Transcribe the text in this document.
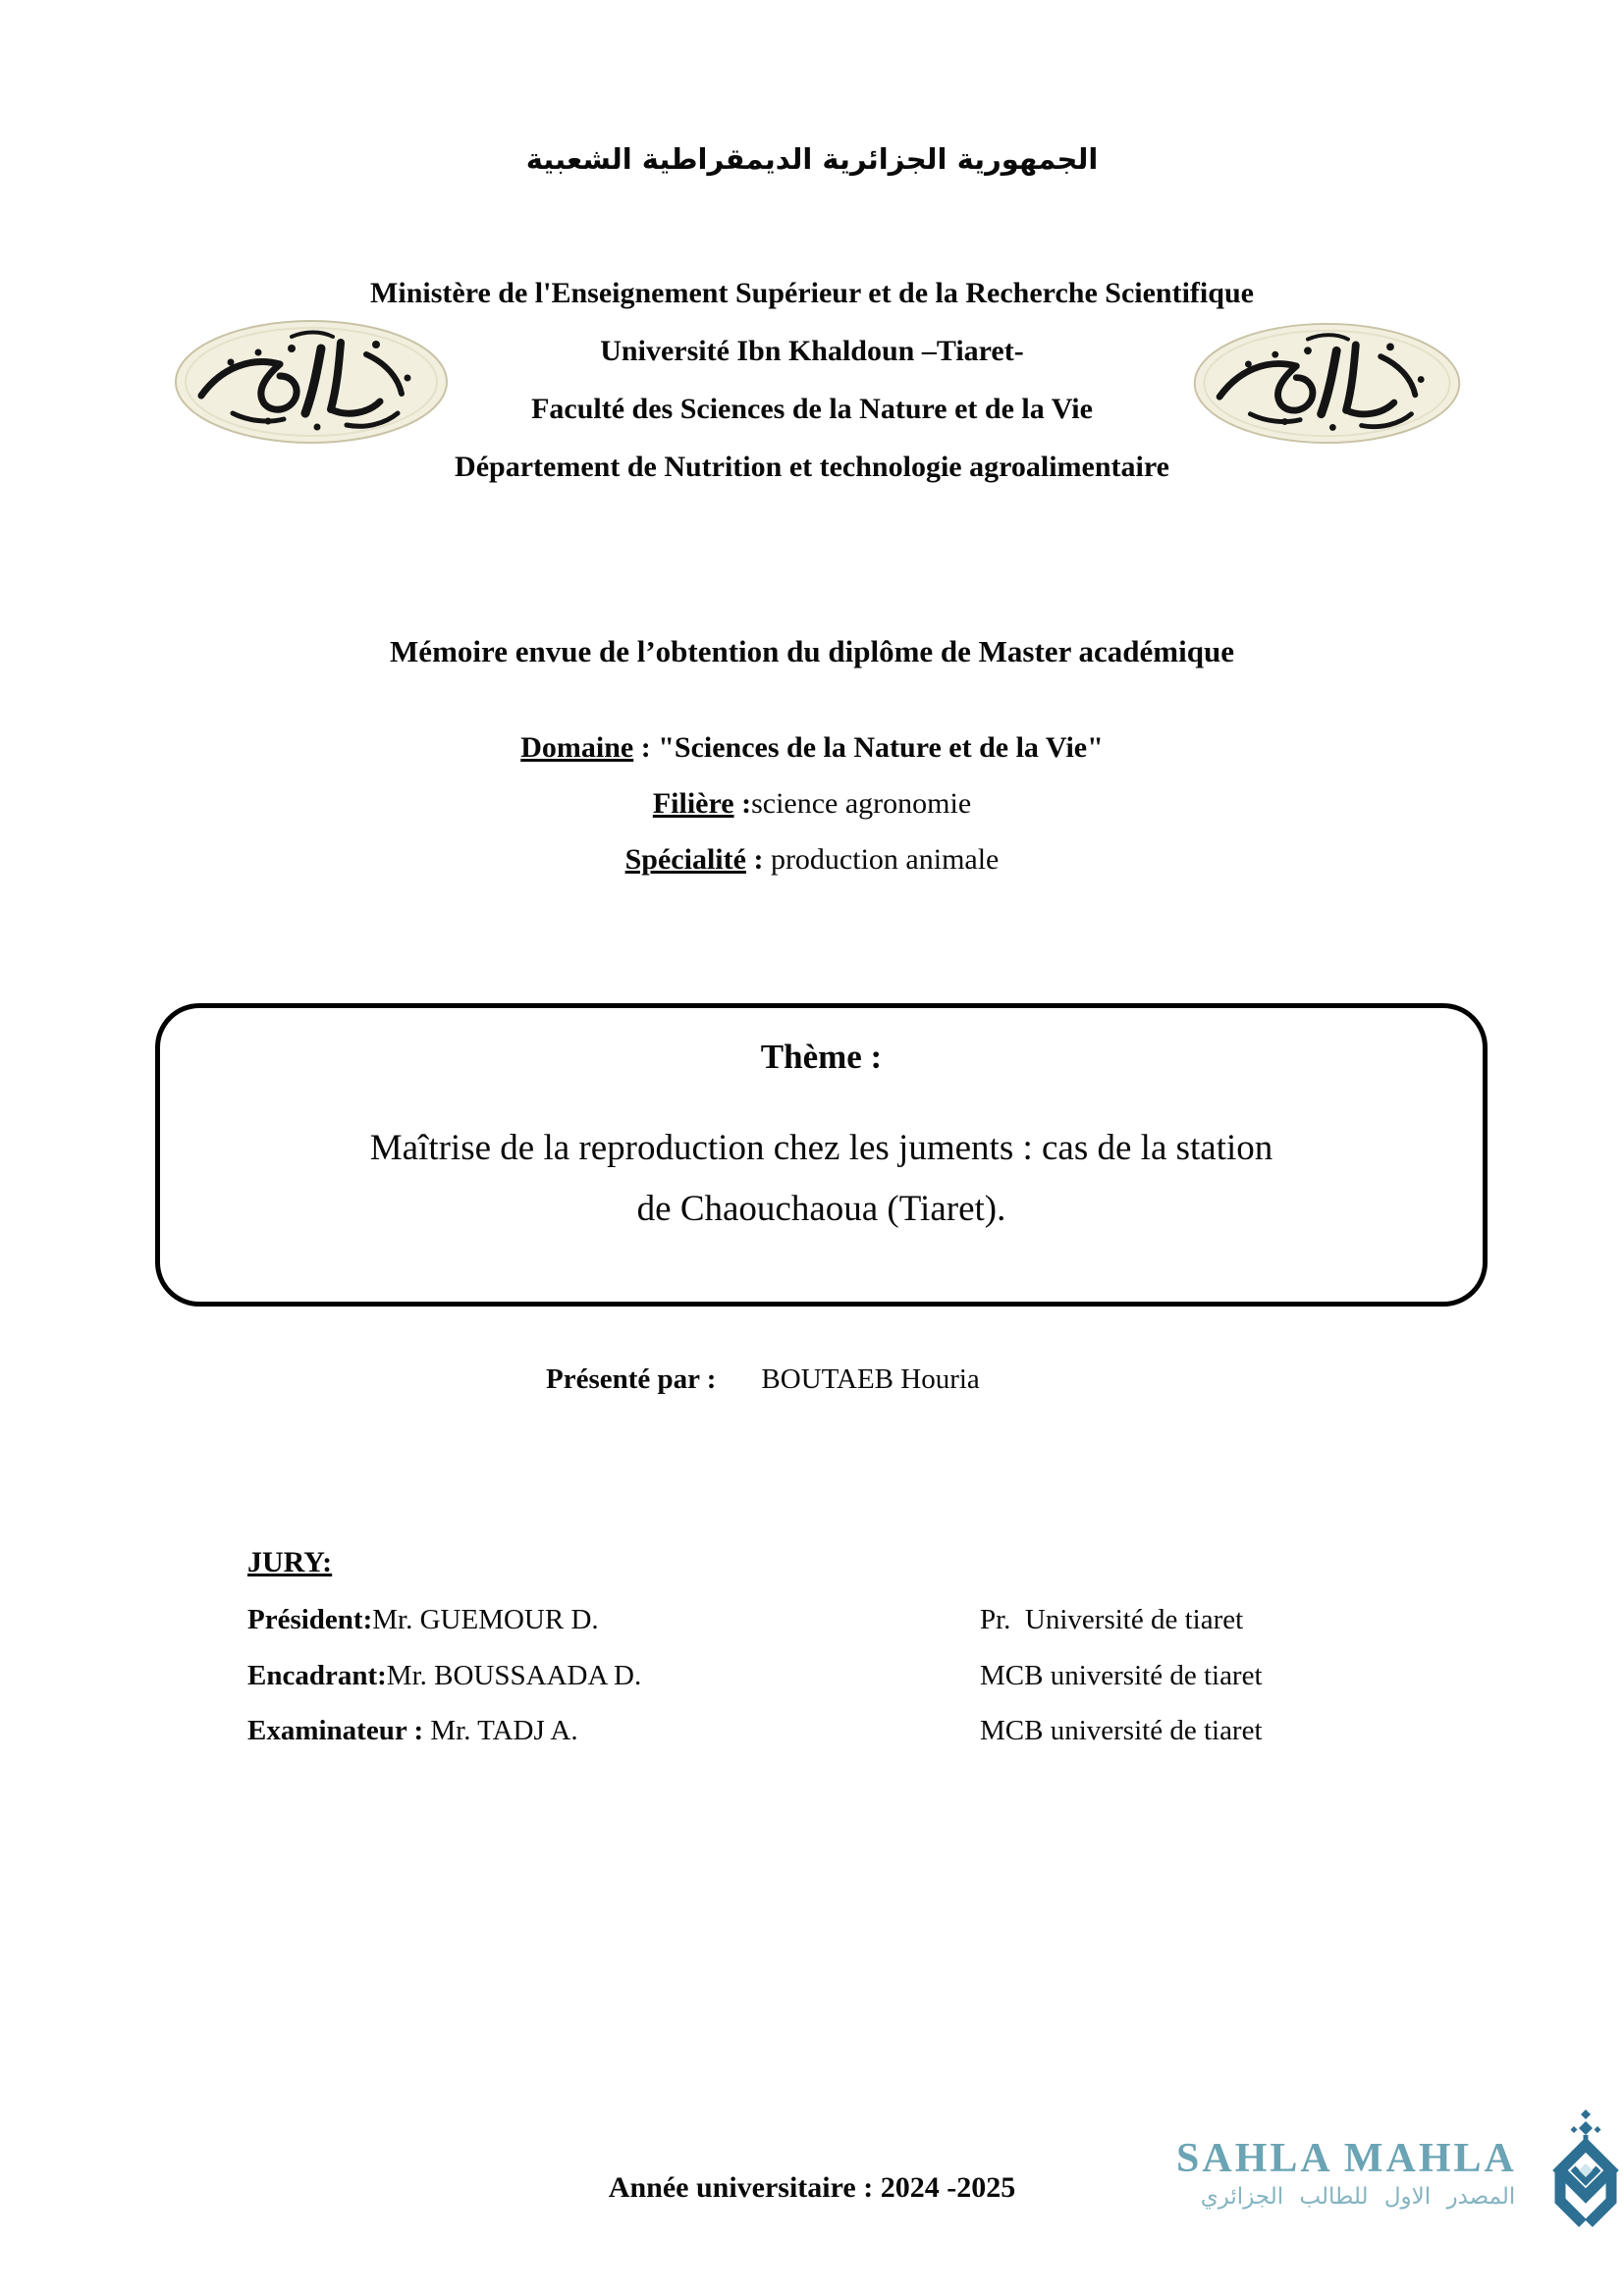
الجمهورية الجزائرية الديمقراطية الشعبية
Ministère de l'Enseignement Supérieur et de la Recherche Scientifique
Université Ibn Khaldoun –Tiaret-
Faculté des Sciences de la Nature et de la Vie
Département de Nutrition et technologie agroalimentaire
Mémoire envue de l’obtention du diplôme de Master académique
Domaine : "Sciences de la Nature et de la Vie"
Filière :science agronomie
Spécialité : production animale
Thème :
Maîtrise de la reproduction chez les juments : cas de la station
de Chaouchaoua (Tiaret).
Présenté par : BOUTAEB Houria
JURY:
Président:Mr. GUEMOUR D.	Pr.  Université de tiaret
Encadrant:Mr. BOUSSAADA D.	MCB université de tiaret
Examinateur : Mr. TADJ A.	MCB université de tiaret
Année universitaire : 2024 -2025
SAHLA MAHLA
المصدر الاول للطالب الجزائري
